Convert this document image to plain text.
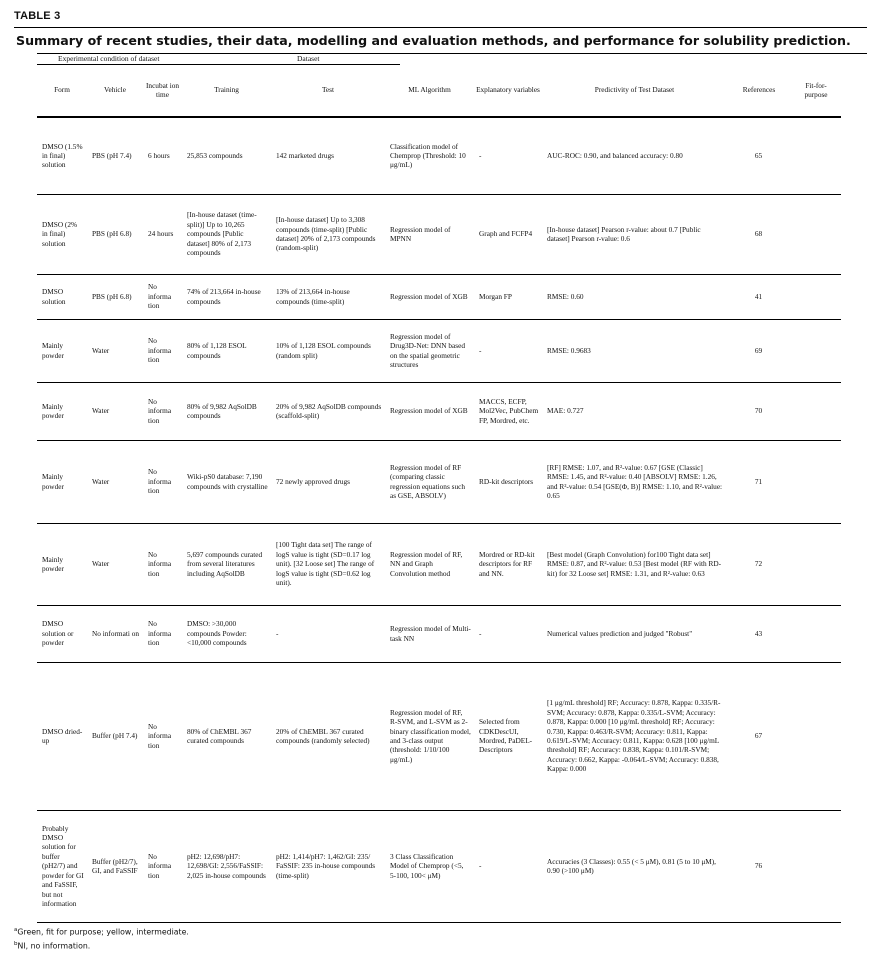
TABLE 3
Summary of recent studies, their data, modelling and evaluation methods, and performance for solubility prediction.
Experimental condition of dataset	Dataset
Form	Vehicle	Incubat ion time	Training	Test	ML Algorithm	Explanatory variables	Predictivity of Test Dataset	References	Fit-for- purpose
DMSO (1.5% in final) solution	PBS (pH 7.4)	6 hours	25,853 compounds	142 marketed drugs	Classification model of Chemprop (Threshold: 10 μg/mL)	-	AUC-ROC: 0.90, and balanced accuracy: 0.80	65	

DMSO (2% in final) solution	PBS (pH 6.8)	24 hours	[In-house dataset (time-split)] Up to 10,265 compounds [Public dataset] 80% of 2,173 compounds	[In-house dataset] Up to 3,308 compounds (time-split) [Public dataset] 20% of 2,173 compounds (random-split)	Regression model of MPNN	Graph and FCFP4	[In-house dataset] Pearson r-value: about 0.7 [Public dataset] Pearson r-value: 0.6	68	

DMSO solution	PBS (pH 6.8)	No informa tion	74% of 213,664 in-house compounds	13% of 213,664 in-house compounds (time-split)	Regression model of XGB	Morgan FP	RMSE: 0.60	41	

Mainly powder	Water	No informa tion	80% of 1,128 ESOL compounds	10% of 1,128 ESOL compounds (random split)	Regression model of Drug3D-Net: DNN based on the spatial geometric structures	-	RMSE: 0.9683	69	

Mainly powder	Water	No informa tion	80% of 9,982 AqSolDB compounds	20% of 9,982 AqSolDB compounds (scaffold-split)	Regression model of XGB	MACCS, ECFP, Mol2Vec, PubChem FP, Mordred, etc.	MAE: 0.727	70	

Mainly powder	Water	No informa tion	Wiki-pS0 database: 7,190 compounds with crystalline	72 newly approved drugs	Regression model of RF (comparing classic regression equations such as GSE, ABSOLV)	RD-kit descriptors	[RF] RMSE: 1.07, and R²-value: 0.67 [GSE (Classic] RMSE: 1.45, and R²-value: 0.40 [ABSOLV] RMSE: 1.26, and R²-value: 0.54 [GSE(Φ, B)] RMSE: 1.10, and R²-value: 0.65	71	

Mainly powder	Water	No informa tion	5,697 compounds curated from several literatures including AqSolDB	[100 Tight data set] The range of logS value is tight (SD=0.17 log unit). [32 Loose set] The range of logS value is tight (SD=0.62 log unit).	Regression model of RF, NN and Graph Convolution method	Mordred or RD-kit descriptors for RF and NN.	[Best model (Graph Convolution) for100 Tight data set] RMSE: 0.87, and R²-value: 0.53 [Best model (RF with RD-kit) for 32 Loose set] RMSE: 1.31, and R²-value: 0.63	72	

DMSO solution or powder	No informati on	No informa tion	DMSO: >30,000 compounds Powder: <10,000 compounds	-	Regression model of Multi-task NN	-	Numerical values prediction and judged "Robust"	43	

DMSO dried-up	Buffer (pH 7.4)	No informa tion	80% of ChEMBL 367 curated compounds	20% of ChEMBL 367 curated compounds (randomly selected)	Regression model of RF, R-SVM, and L-SVM as 2-binary classification model, and 3-class output (threshold: 1/10/100 μg/mL)	Selected from CDKDescUI, Mordred, PaDEL-Descriptors	[1 μg/mL threshold] RF; Accuracy: 0.878, Kappa: 0.335/R-SVM; Accuracy: 0.878, Kappa: 0.335/L-SVM; Accuracy: 0.878, Kappa: 0.000 [10 μg/mL threshold] RF; Accuracy: 0.730, Kappa: 0.463/R-SVM; Accuracy: 0.811, Kappa: 0.619/L-SVM; Accuracy: 0.811, Kappa: 0.628 [100 μg/mL threshold] RF; Accuracy: 0.838, Kappa: 0.101/R-SVM; Accuracy: 0.662, Kappa: -0.064/L-SVM; Accuracy: 0.838, Kappa: 0.000	67	

Probably DMSO solution for buffer (pH2/7) and powder for GI and FaSSIF, but not information	Buffer (pH2/7), GI, and FaSSIF	No informa tion	pH2: 12,698/pH7: 12,698/GI: 2,556/FaSSIF: 2,025 in-house compounds	pH2: 1,414/pH7: 1,462/GI: 235/ FaSSIF: 235 in-house compounds (time-split)	3 Class Classification Model of Chemprop (<5, 5-100, 100< μM)	-	Accuracies (3 Classes): 0.55 (< 5 μM), 0.81 (5 to 10 μM), 0.90 (>100 μM)	76	
$^a$Green, fit for purpose; yellow, intermediate.
$^b$NI, no information.
